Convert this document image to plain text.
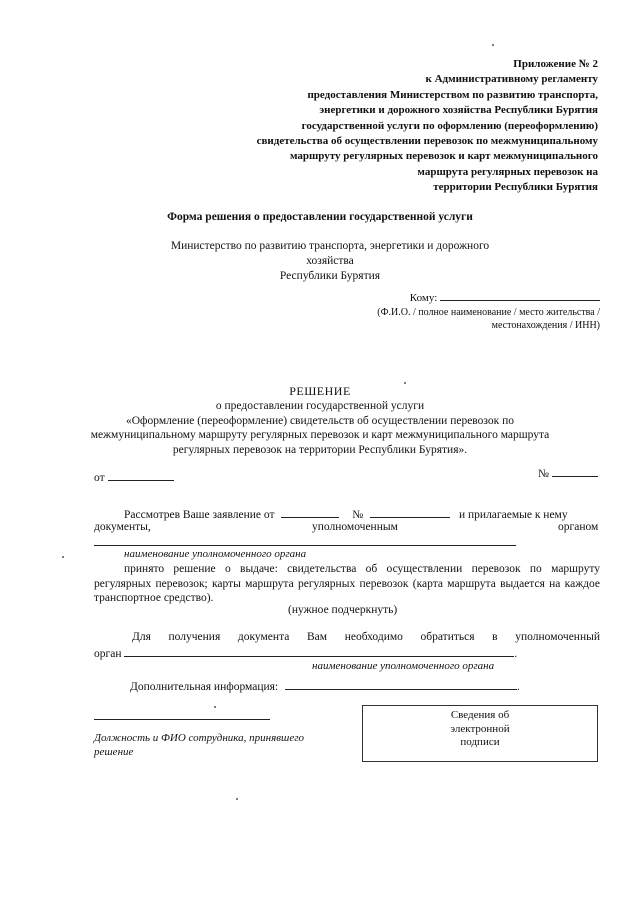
Приложение № 2
к Административному регламенту
предоставления Министерством по развитию транспорта,
энергетики и дорожного хозяйства Республики Бурятия
государственной услуги по оформлению (переоформлению)
свидетельства об осуществлении перевозок по межмуниципальному
маршруту регулярных перевозок и карт межмуниципального
маршрута регулярных перевозок на
территории Республики Бурятия
Форма решения о предоставлении государственной услуги
Министерство по развитию транспорта, энергетики и дорожного хозяйства
Республики Бурятия
Кому:
(Ф.И.О. / полное наименование / место жительства /
местонахождения / ИНН)
РЕШЕНИЕ
о предоставлении государственной услуги
«Оформление (переоформление) свидетельств об осуществлении перевозок по
межмуниципальному маршруту регулярных перевозок и карт межмуниципального маршрута
регулярных перевозок на территории Республики Бурятия».
от	№
Рассмотрев Ваше заявление от	№	и прилагаемые к нему
документы,	уполномоченным	органом
наименование уполномоченного органа
принято решение о выдаче: свидетельства об осуществлении перевозок по маршруту регулярных перевозок; карты маршрута регулярных перевозок (карта маршрута выдается на каждое транспортное средство).
(нужное подчеркнуть)
Для получения документа Вам необходимо обратиться в уполномоченный
орган	.
наименование уполномоченного органа
Дополнительная информация:	.
Должность и ФИО сотрудника, принявшего решение
Сведения об
электронной
подписи
